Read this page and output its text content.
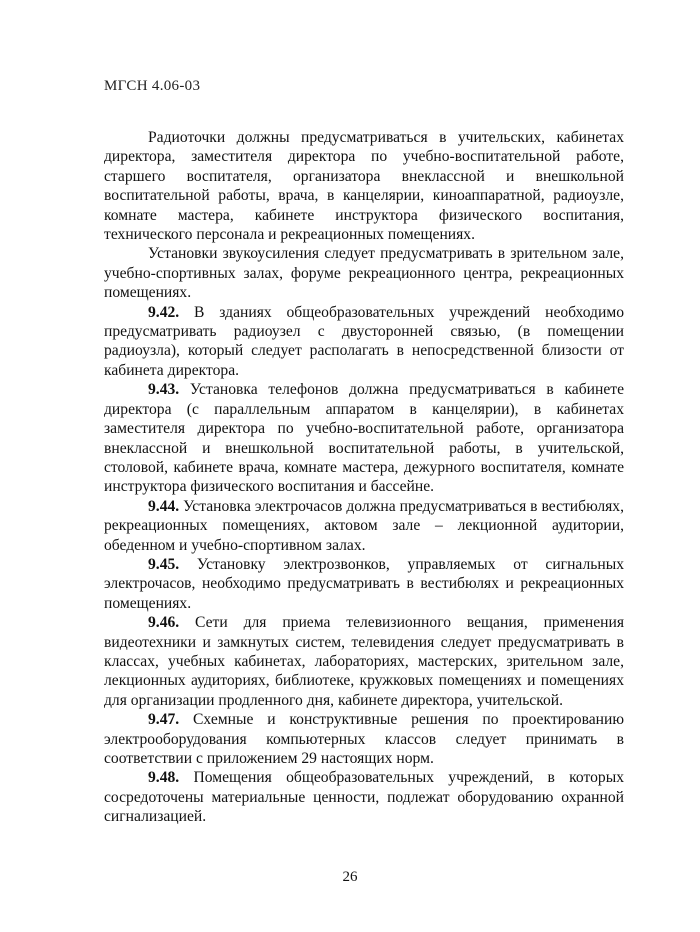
МГСН 4.06-03

Радиоточки должны предусматриваться в учительских, кабинетах директора, заместителя директора по учебно-воспитательной работе, старшего воспитателя, организатора внеклассной и внешкольной воспитательной работы, врача, в канцелярии, киноаппаратной, радиоузле, комнате мастера, кабинете инструктора физического воспитания, технического персонала и рекреационных помещениях.

Установки звукоусиления следует предусматривать в зрительном зале, учебно-спортивных залах, форуме рекреационного центра, рекреационных помещениях.

9.42. В зданиях общеобразовательных учреждений необходимо предусматривать радиоузел с двусторонней связью, (в помещении радиоузла), который следует располагать в непосредственной близости от кабинета директора.

9.43. Установка телефонов должна предусматриваться в кабинете директора (с параллельным аппаратом в канцелярии), в кабинетах заместителя директора по учебно-воспитательной работе, организатора внеклассной и внешкольной воспитательной работы, в учительской, столовой, кабинете врача, комнате мастера, дежурного воспитателя, комнате инструктора физического воспитания и бассейне.

9.44. Установка электрочасов должна предусматриваться в вестибюлях, рекреационных помещениях, актовом зале – лекционной аудитории, обеденном и учебно-спортивном залах.

9.45. Установку электрозвонков, управляемых от сигнальных электрочасов, необходимо предусматривать в вестибюлях и рекреационных помещениях.

9.46. Сети для приема телевизионного вещания, применения видеотехники и замкнутых систем, телевидения следует предусматривать в классах, учебных кабинетах, лабораториях, мастерских, зрительном зале, лекционных аудиториях, библиотеке, кружковых помещениях и помещениях для организации продленного дня, кабинете директора, учительской.

9.47. Схемные и конструктивные решения по проектированию электрооборудования компьютерных классов следует принимать в соответствии с приложением 29 настоящих норм.

9.48. Помещения общеобразовательных учреждений, в которых сосредоточены материальные ценности, подлежат оборудованию охранной сигнализацией.

26
